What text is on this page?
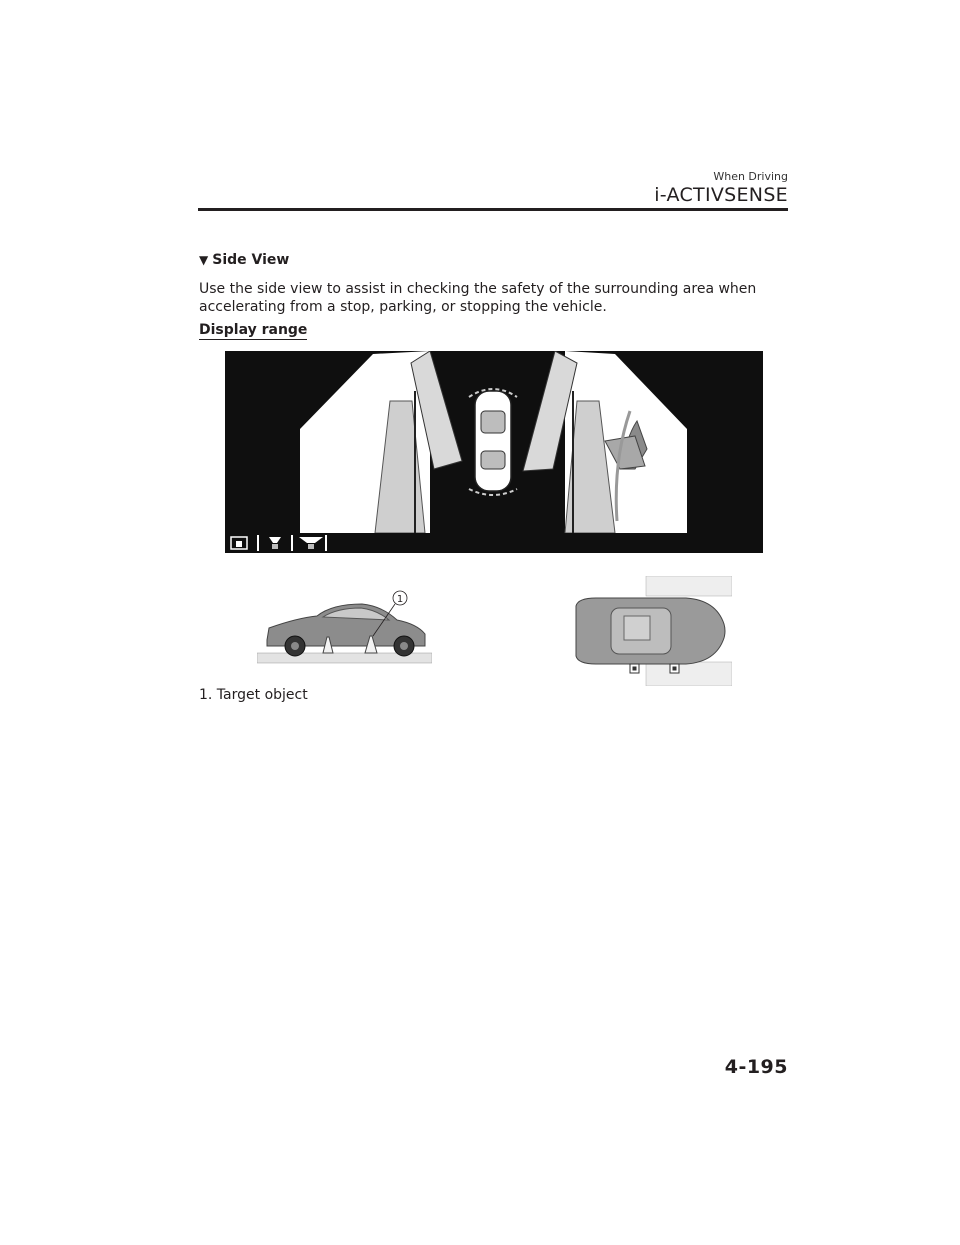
When Driving
i-ACTIVSENSE
▼ Side View
Use the side view to assist in checking the safety of the surrounding area when accelerating from a stop, parking, or stopping the vehicle.
Display range
1
1. Target object
4-195
